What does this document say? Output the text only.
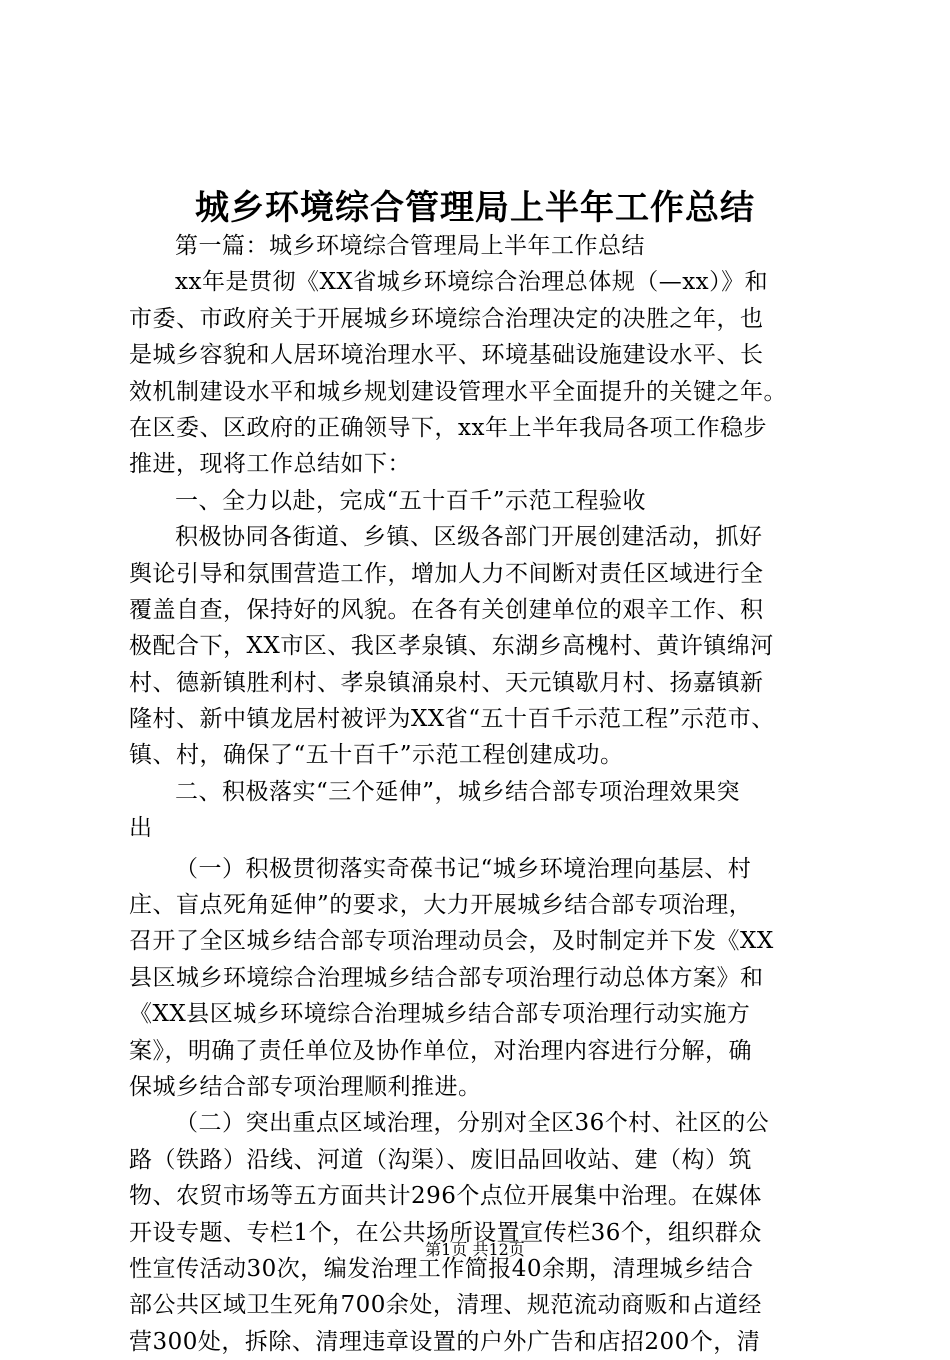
城乡环境综合管理局上半年工作总结
第一篇：城乡环境综合管理局上半年工作总结
xx年是贯彻《XX省城乡环境综合治理总体规（—xx）》和
市委、市政府关于开展城乡环境综合治理决定的决胜之年，也
是城乡容貌和人居环境治理水平、环境基础设施建设水平、长
效机制建设水平和城乡规划建设管理水平全面提升的关键之年。
在区委、区政府的正确领导下，xx年上半年我局各项工作稳步
推进，现将工作总结如下：
一、全力以赴，完成“五十百千”示范工程验收
积极协同各街道、乡镇、区级各部门开展创建活动，抓好
舆论引导和氛围营造工作，增加人力不间断对责任区域进行全
覆盖自查，保持好的风貌。在各有关创建单位的艰辛工作、积
极配合下，XX市区、我区孝泉镇、东湖乡高槐村、黄许镇绵河
村、德新镇胜利村、孝泉镇涌泉村、天元镇歇月村、扬嘉镇新
隆村、新中镇龙居村被评为XX省“五十百千示范工程”示范市、
镇、村，确保了“五十百千”示范工程创建成功。
二、积极落实“三个延伸”，城乡结合部专项治理效果突
出
（一）积极贯彻落实奇葆书记“城乡环境治理向基层、村
庄、盲点死角延伸”的要求，大力开展城乡结合部专项治理，
召开了全区城乡结合部专项治理动员会，及时制定并下发《XX
县区城乡环境综合治理城乡结合部专项治理行动总体方案》和
《XX县区城乡环境综合治理城乡结合部专项治理行动实施方
案》，明确了责任单位及协作单位，对治理内容进行分解，确
保城乡结合部专项治理顺利推进。
（二）突出重点区域治理，分别对全区36个村、社区的公
路（铁路）沿线、河道（沟渠）、废旧品回收站、建（构）筑
物、农贸市场等五方面共计296个点位开展集中治理。在媒体
开设专题、专栏1个，在公共场所设置宣传栏36个，组织群众
性宣传活动30次，编发治理工作简报40余期，清理城乡结合
部公共区域卫生死角700余处，清理、规范流动商贩和占道经
营300处，拆除、清理违章设置的户外广告和店招200个，清
第1页 共12页
